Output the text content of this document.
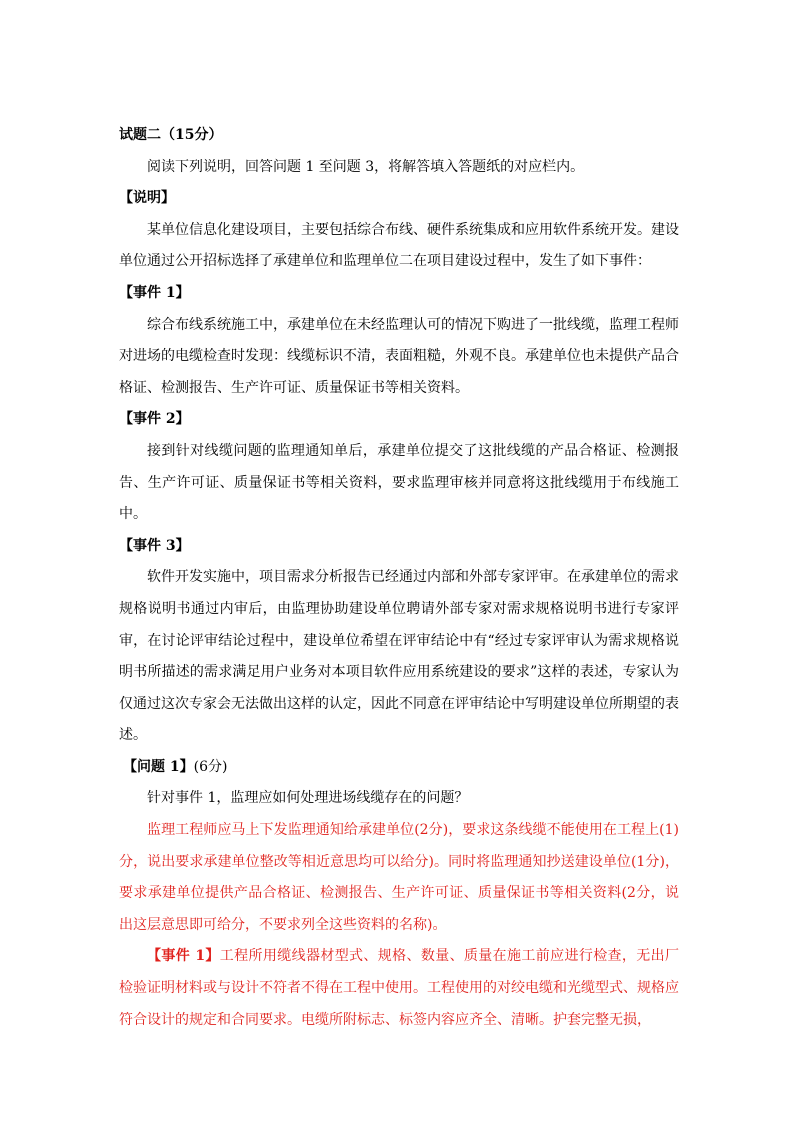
试题二（15分）

阅读下列说明，回答问题 1 至问题 3，将解答填入答题纸的对应栏内。

【说明】

某单位信息化建设项目，主要包括综合布线、硬件系统集成和应用软件系统开发。建设单位通过公开招标选择了承建单位和监理单位二在项目建设过程中，发生了如下事件：

【事件 1】

综合布线系统施工中，承建单位在未经监理认可的情况下购进了一批线缆，监理工程师对进场的电缆检查时发现：线缆标识不清，表面粗糙，外观不良。承建单位也未提供产品合格证、检测报告、生产许可证、质量保证书等相关资料。

【事件 2】

接到针对线缆问题的监理通知单后，承建单位提交了这批线缆的产品合格证、检测报告、生产许可证、质量保证书等相关资料，要求监理审核并同意将这批线缆用于布线施工中。

【事件 3】

软件开发实施中，项目需求分析报告已经通过内部和外部专家评审。在承建单位的需求规格说明书通过内审后，由监理协助建设单位聘请外部专家对需求规格说明书进行专家评审，在讨论评审结论过程中，建设单位希望在评审结论中有“经过专家评审认为需求规格说明书所描述的需求满足用户业务对本项目软件应用系统建设的要求”这样的表述，专家认为仅通过这次专家会无法做出这样的认定，因此不同意在评审结论中写明建设单位所期望的表述。

【问题 1】(6分)

针对事件 1，监理应如何处理进场线缆存在的问题？

监理工程师应马上下发监理通知给承建单位(2分)，要求这条线缆不能使用在工程上(1)分，说出要求承建单位整改等相近意思均可以给分)。同时将监理通知抄送建设单位(1分)，要求承建单位提供产品合格证、检测报告、生产许可证、质量保证书等相关资料(2分，说出这层意思即可给分，不要求列全这些资料的名称)。

【事件 1】工程所用缆线器材型式、规格、数量、质量在施工前应进行检查，无出厂检验证明材料或与设计不符者不得在工程中使用。工程使用的对绞电缆和光缆型式、规格应符合设计的规定和合同要求。电缆所附标志、标签内容应齐全、清晰。护套完整无损，
